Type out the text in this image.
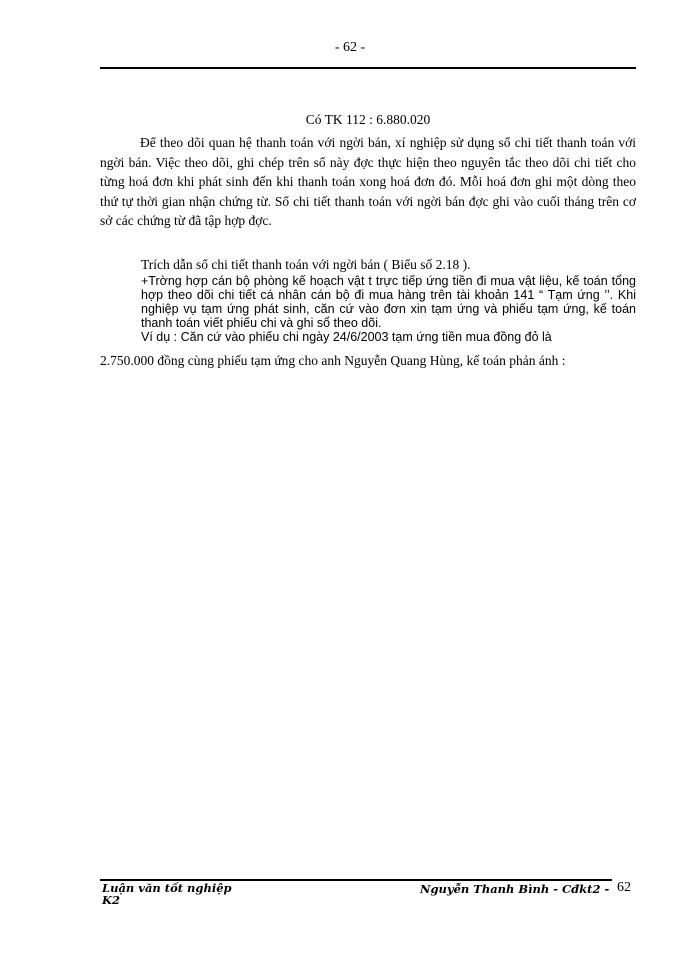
- 62 -
Có TK 112 : 6.880.020

Để theo dõi quan hệ thanh toán với ngời bán, xí nghiệp sử dụng sổ chi tiết thanh toán với ngời bán. Việc theo dõi, ghi chép trên sổ này đợc thực hiện theo nguyên tắc theo dõi chi tiết cho từng hoá đơn khi phát sinh đến khi thanh toán xong hoá đơn đó. Mỗi hoá đơn ghi một dòng theo thứ tự thời gian nhận chứng từ. Sổ chi tiết thanh toán với ngời bán đợc ghi vào cuối tháng trên cơ sở các chứng từ đã tập hợp đợc.

Trích dẫn sổ chi tiết thanh toán với ngời bán ( Biểu số 2.18 ).
+Trờng hợp cán bộ phòng kế hoạch vật t trực tiếp ứng tiền đi mua vật liệu, kế toán tổng hợp theo dõi chi tiết cá nhân cán bộ đi mua hàng trên tài khoản 141 “ Tạm ứng ’’. Khi nghiệp vụ tạm ứng phát sinh, căn cứ vào đơn xin tạm ứng và phiếu tạm ứng, kế toán thanh toán viết phiếu chi và ghi sổ theo dõi.
Ví dụ : Căn cứ vào phiếu chi ngày 24/6/2003 tạm ứng tiền mua đồng đỏ là
2.750.000 đồng cùng phiếu tạm ứng cho anh Nguyễn Quang Hùng, kế toán phản ánh :
Luận văn tốt nghiệp
K2
Nguyễn Thanh Bình - Cđkt2 - 62
